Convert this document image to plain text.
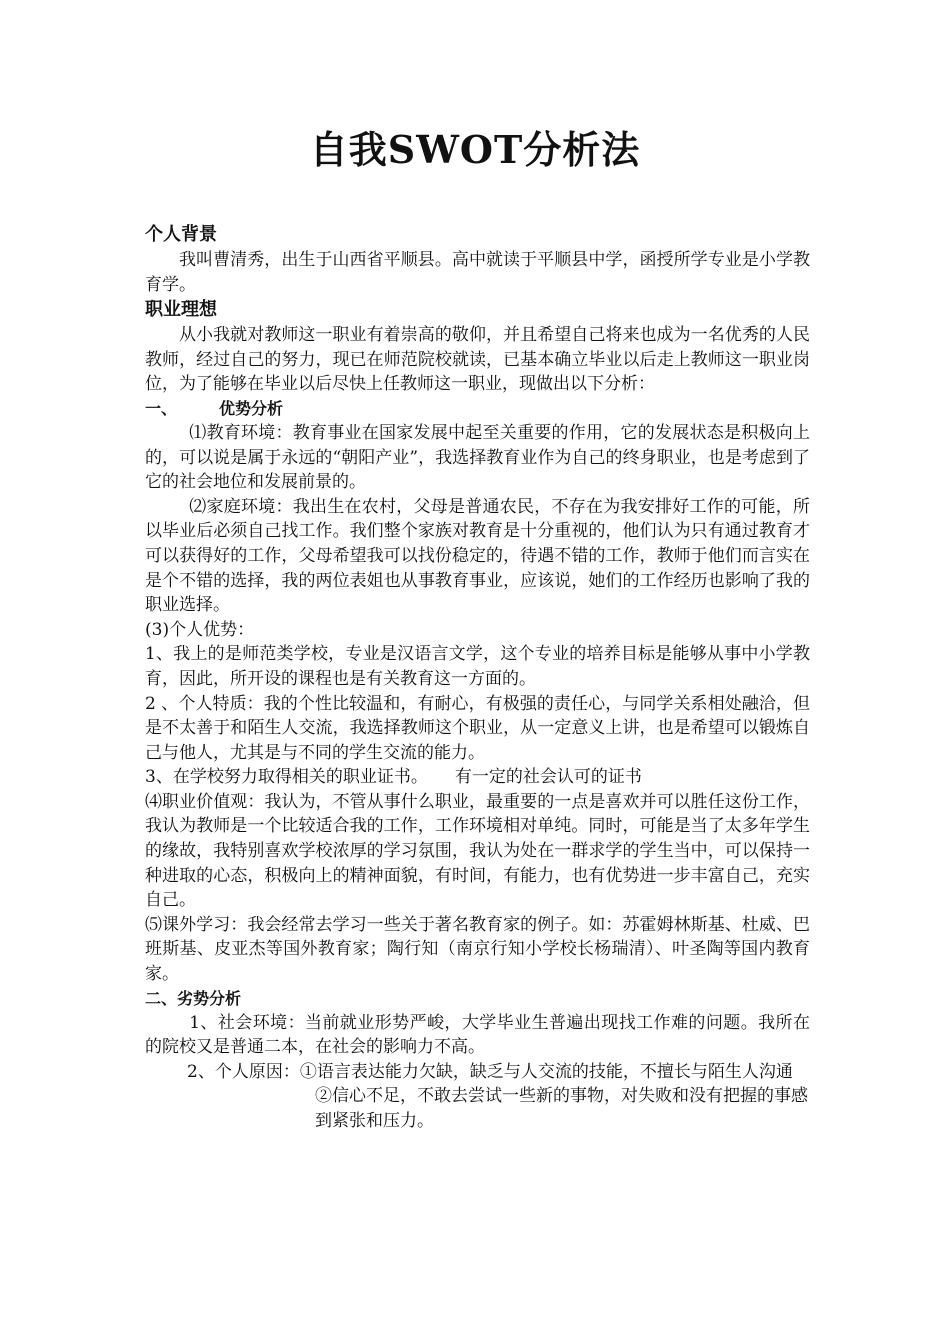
自我SWOT分析法
个人背景

我叫曹清秀，出生于山西省平顺县。高中就读于平顺县中学，函授所学专业是小学教育学。

职业理想

从小我就对教师这一职业有着崇高的敬仰，并且希望自己将来也成为一名优秀的人民教师，经过自己的努力，现已在师范院校就读，已基本确立毕业以后走上教师这一职业岗位，为了能够在毕业以后尽快上任教师这一职业，现做出以下分析：

一、	优势分析

⑴教育环境：教育事业在国家发展中起至关重要的作用，它的发展状态是积极向上的，可以说是属于永远的“朝阳产业”，我选择教育业作为自己的终身职业，也是考虑到了它的社会地位和发展前景的。

⑵家庭环境：我出生在农村，父母是普通农民，不存在为我安排好工作的可能，所以毕业后必须自己找工作。我们整个家族对教育是十分重视的，他们认为只有通过教育才可以获得好的工作，父母希望我可以找份稳定的，待遇不错的工作，教师于他们而言实在是个不错的选择，我的两位表姐也从事教育事业，应该说，她们的工作经历也影响了我的职业选择。

(3)个人优势：

1、我上的是师范类学校，专业是汉语言文学，这个专业的培养目标是能够从事中小学教育，因此，所开设的课程也是有关教育这一方面的。

2 、个人特质：我的个性比较温和，有耐心，有极强的责任心，与同学关系相处融洽，但是不太善于和陌生人交流，我选择教师这个职业，从一定意义上讲，也是希望可以锻炼自己与他人，尤其是与不同的学生交流的能力。

3、在学校努力取得相关的职业证书。     有一定的社会认可的证书

⑷职业价值观：我认为，不管从事什么职业，最重要的一点是喜欢并可以胜任这份工作，我认为教师是一个比较适合我的工作，工作环境相对单纯。同时，可能是当了太多年学生的缘故，我特别喜欢学校浓厚的学习氛围，我认为处在一群求学的学生当中，可以保持一种进取的心态，积极向上的精神面貌，有时间，有能力，也有优势进一步丰富自己，充实自己。

⑸课外学习：我会经常去学习一些关于著名教育家的例子。如：苏霍姆林斯基、杜威、巴班斯基、皮亚杰等国外教育家；陶行知（南京行知小学校长杨瑞清）、叶圣陶等国内教育家。

二、劣势分析

1、社会环境：当前就业形势严峻，大学毕业生普遍出现找工作难的问题。我所在的院校又是普通二本，在社会的影响力不高。

2、个人原因： ①语言表达能力欠缺，缺乏与人交流的技能，不擅长与陌生人沟通
②信心不足，不敢去尝试一些新的事物，对失败和没有把握的事感到紧张和压力。
